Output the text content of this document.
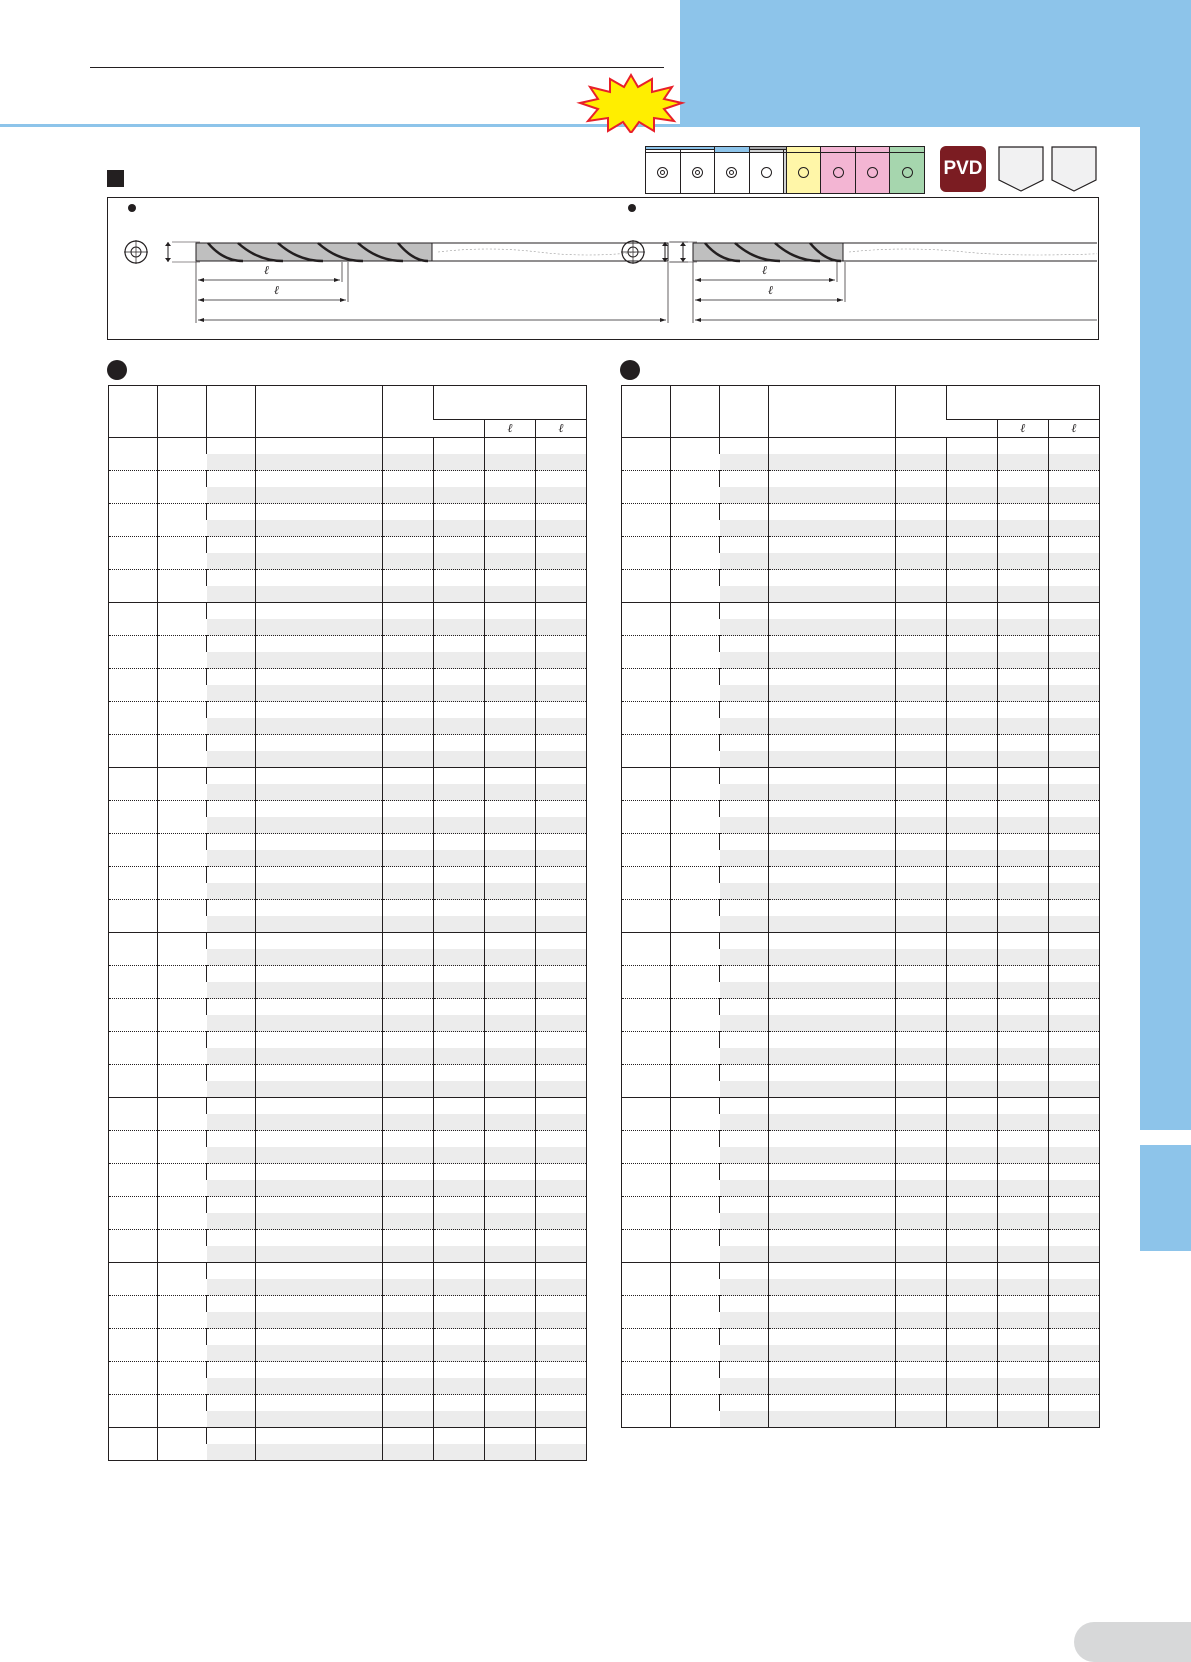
PVD
ℓ
ℓ
ℓ
ℓ

						ℓ	ℓ

						ℓ	ℓ
